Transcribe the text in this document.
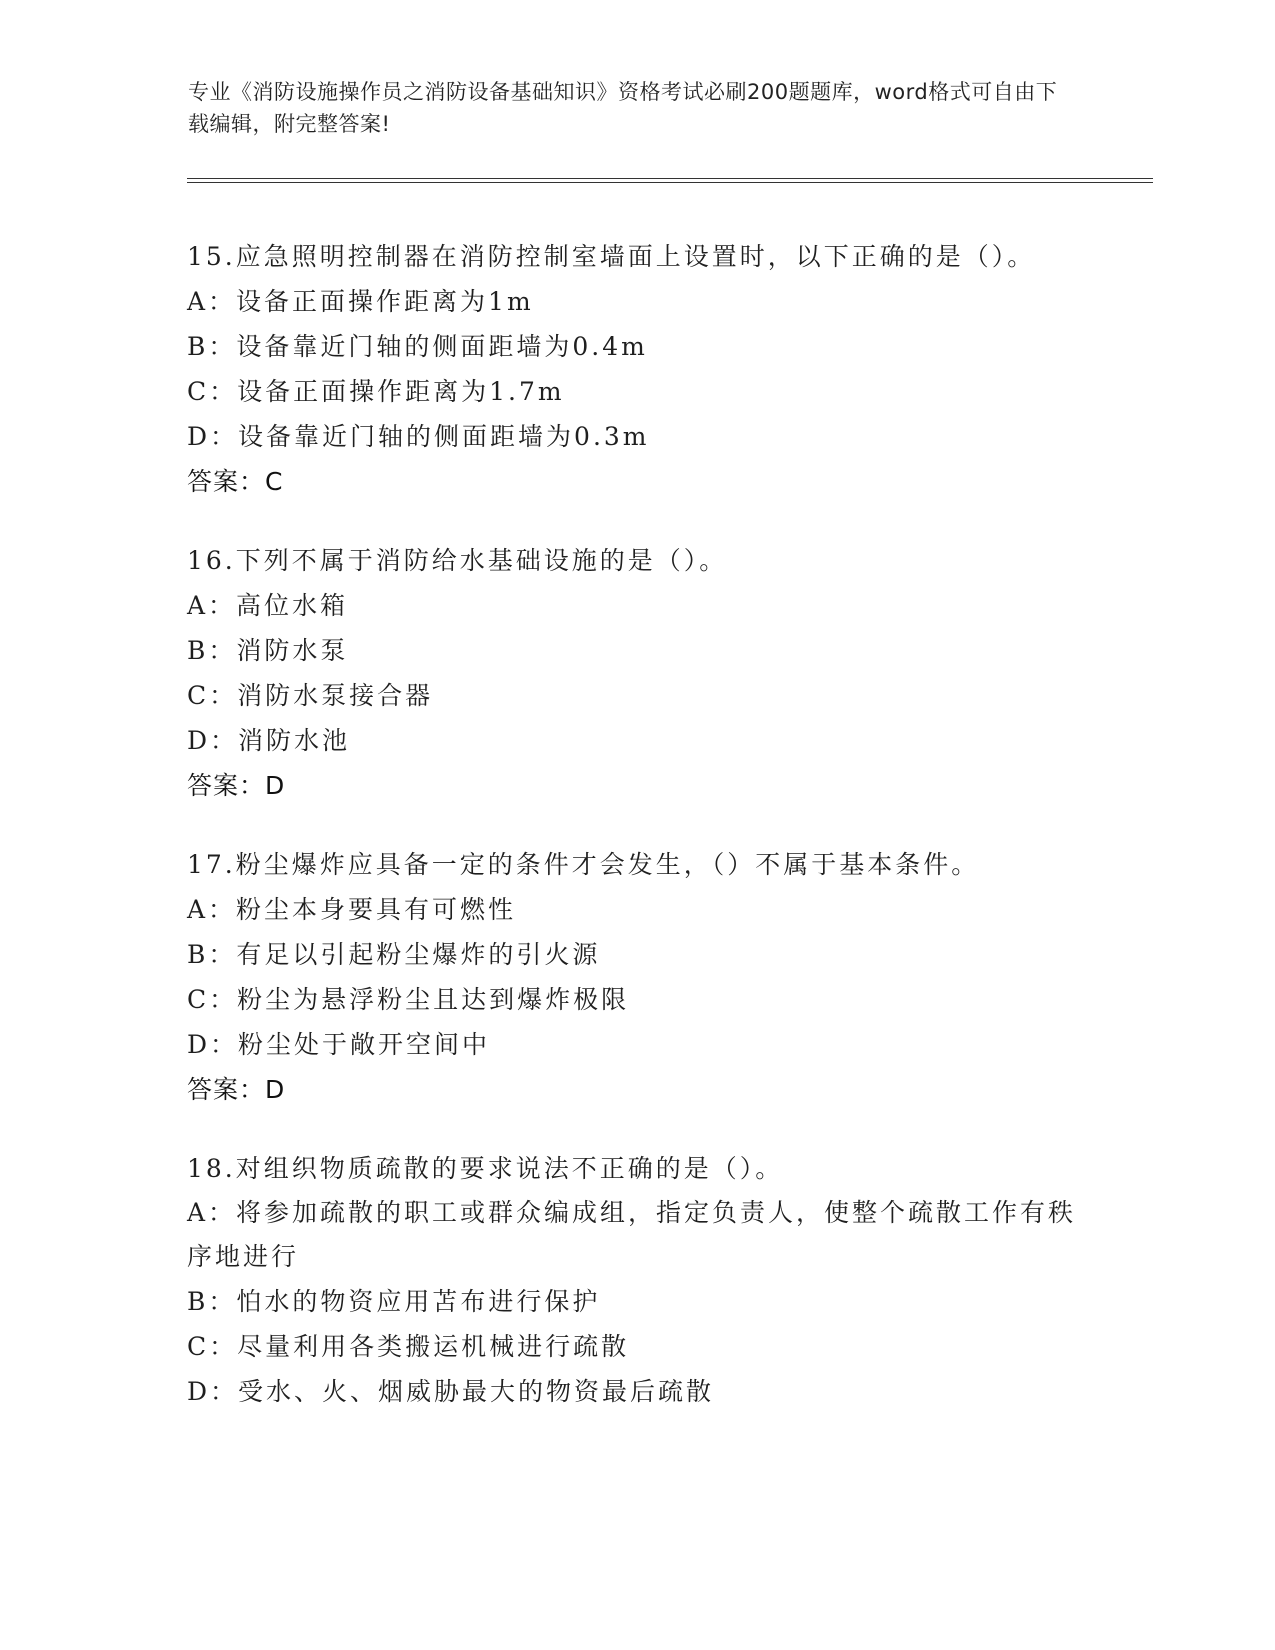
专业《消防设施操作员之消防设备基础知识》资格考试必刷200题题库，word格式可自由下载编辑，附完整答案!
15.应急照明控制器在消防控制室墙面上设置时，以下正确的是（）。
A：设备正面操作距离为1m
B：设备靠近门轴的侧面距墙为0.4m
C：设备正面操作距离为1.7m
D：设备靠近门轴的侧面距墙为0.3m
答案：C
16.下列不属于消防给水基础设施的是（）。
A：高位水箱
B：消防水泵
C：消防水泵接合器
D：消防水池
答案：D
17.粉尘爆炸应具备一定的条件才会发生，（）不属于基本条件。
A：粉尘本身要具有可燃性
B：有足以引起粉尘爆炸的引火源
C：粉尘为悬浮粉尘且达到爆炸极限
D：粉尘处于敞开空间中
答案：D
18.对组织物质疏散的要求说法不正确的是（）。
A：将参加疏散的职工或群众编成组，指定负责人，使整个疏散工作有秩序地进行
B：怕水的物资应用苫布进行保护
C：尽量利用各类搬运机械进行疏散
D：受水、火、烟威胁最大的物资最后疏散
